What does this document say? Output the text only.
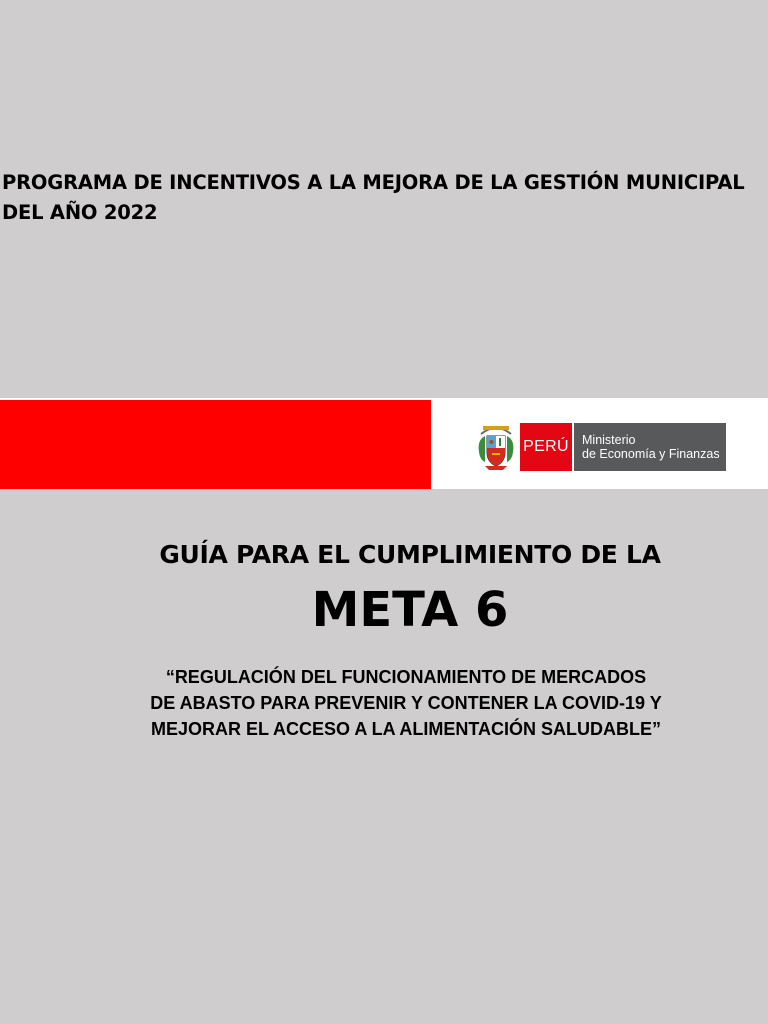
PROGRAMA DE INCENTIVOS A LA MEJORA DE LA GESTIÓN MUNICIPAL
DEL AÑO 2022
PERÚ Ministerio
de Economía y Finanzas
GUÍA PARA EL CUMPLIMIENTO DE LA
META 6
“REGULACIÓN DEL FUNCIONAMIENTO DE MERCADOS
DE ABASTO PARA PREVENIR Y CONTENER LA COVID-19 Y
MEJORAR EL ACCESO A LA ALIMENTACIÓN SALUDABLE”
